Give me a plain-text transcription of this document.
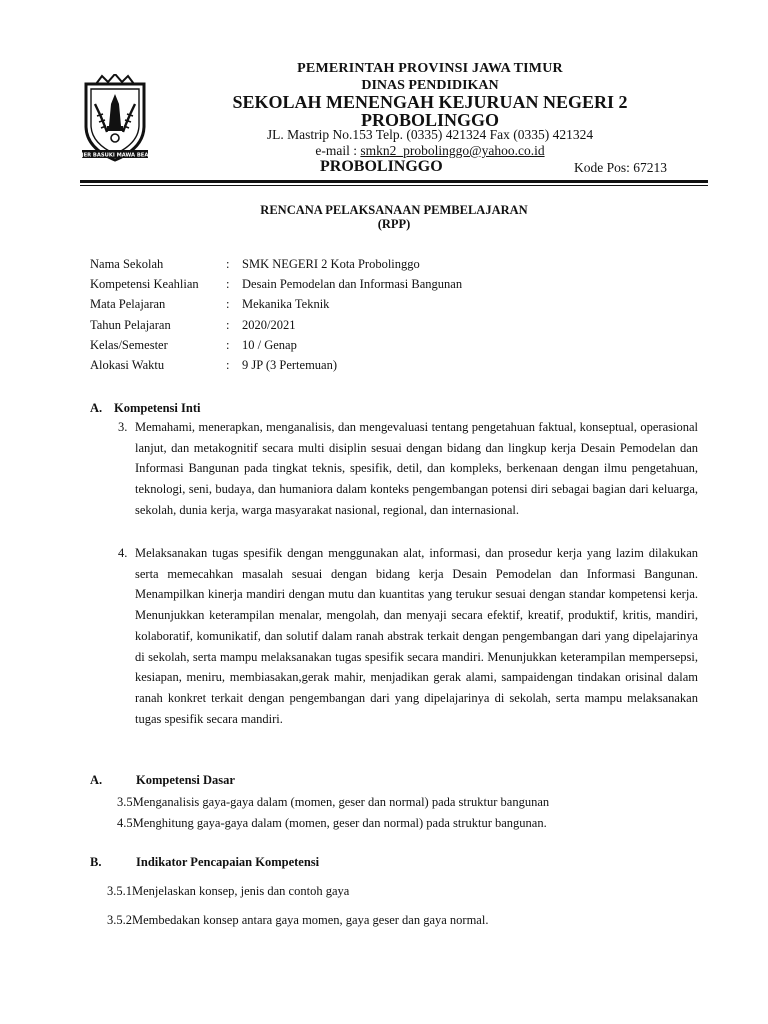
JER BASUKI MAWA BEA
PEMERINTAH PROVINSI JAWA TIMUR
DINAS PENDIDIKAN
SEKOLAH MENENGAH KEJURUAN NEGERI 2
PROBOLINGGO
JL. Mastrip No.153 Telp. (0335) 421324 Fax (0335) 421324
e-mail : smkn2_probolinggo@yahoo.co.id
PROBOLINGGO	Kode Pos: 67213
RENCANA PELAKSANAAN PEMBELAJARAN
(RPP)
Nama Sekolah	: SMK NEGERI 2 Kota Probolinggo
Kompetensi Keahlian : Desain Pemodelan dan Informasi Bangunan
Mata Pelajaran	: Mekanika Teknik
Tahun Pelajaran	: 2020/2021
Kelas/Semester	: 10 / Genap
Alokasi Waktu	: 9 JP (3 Pertemuan)
A. Kompetensi Inti
3. Memahami, menerapkan, menganalisis, dan mengevaluasi tentang pengetahuan faktual, konseptual, operasional lanjut, dan metakognitif secara multi disiplin sesuai dengan bidang dan lingkup kerja Desain Pemodelan dan Informasi Bangunan pada tingkat teknis, spesifik, detil, dan kompleks, berkenaan dengan ilmu pengetahuan, teknologi, seni, budaya, dan humaniora dalam konteks pengembangan potensi diri sebagai bagian dari keluarga, sekolah, dunia kerja, warga masyarakat nasional, regional, dan internasional.
4. Melaksanakan tugas spesifik dengan menggunakan alat, informasi, dan prosedur kerja yang lazim dilakukan serta memecahkan masalah sesuai dengan bidang kerja Desain Pemodelan dan Informasi Bangunan. Menampilkan kinerja mandiri dengan mutu dan kuantitas yang terukur sesuai dengan standar kompetensi kerja. Menunjukkan keterampilan menalar, mengolah, dan menyaji secara efektif, kreatif, produktif, kritis, mandiri, kolaboratif, komunikatif, dan solutif dalam ranah abstrak terkait dengan pengembangan dari yang dipelajarinya di sekolah, serta mampu melaksanakan tugas spesifik secara mandiri. Menunjukkan keterampilan mempersepsi, kesiapan, meniru, membiasakan,gerak mahir, menjadikan gerak alami, sampaidengan tindakan orisinal dalam ranah konkret terkait dengan pengembangan dari yang dipelajarinya di sekolah, serta mampu melaksanakan tugas spesifik secara mandiri.
A.	Kompetensi Dasar
3.5Menganalisis gaya-gaya dalam (momen, geser dan normal) pada struktur bangunan
4.5Menghitung gaya-gaya dalam (momen, geser dan normal) pada struktur bangunan.
B.	Indikator Pencapaian Kompetensi
3.5.1Menjelaskan konsep, jenis dan contoh gaya
3.5.2Membedakan konsep antara gaya momen, gaya geser dan gaya normal.
